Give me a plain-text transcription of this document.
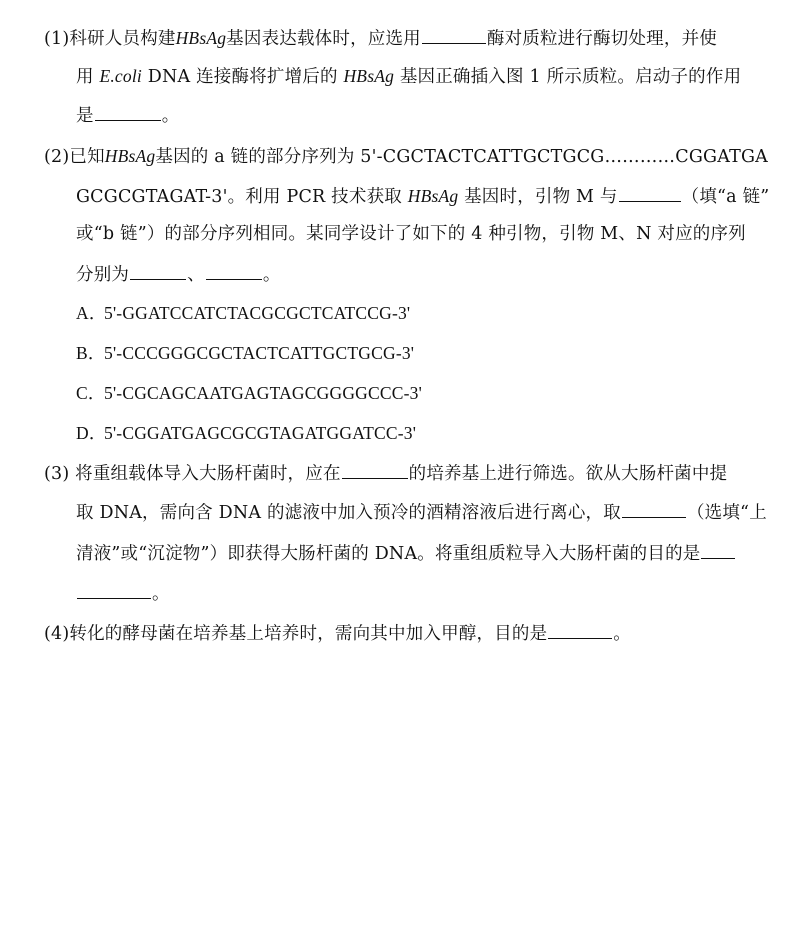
(1)科研人员构建HBsAg基因表达载体时，应选用	酶对质粒进行酶切处理，并使
用 E.coli DNA 连接酶将扩增后的 HBsAg 基因正确插入图 1 所示质粒。启动子的作用
是	。
(2)已知HBsAg基因的 a 链的部分序列为 5'-CGCTACTCATTGCTGCG…………CGGATGA
GCGCGTAGAT-3'。利用 PCR 技术获取 HBsAg 基因时，引物 M 与	（填“a 链”
或“b 链”）的部分序列相同。某同学设计了如下的 4 种引物，引物 M、N 对应的序列
分别为	、	。
A．5'-GGATCCATCTACGCGCTCATCCG-3'
B．5'-CCCGGGCGCTACTCATTGCTGCG-3'
C．5'-CGCAGCAATGAGTAGCGGGGCCC-3'
D．5'-CGGATGAGCGCGTAGATGGATCC-3'
(3) 将重组载体导入大肠杆菌时，应在	的培养基上进行筛选。欲从大肠杆菌中提
取 DNA，需向含 DNA 的滤液中加入预冷的酒精溶液后进行离心，取	（选填“上
清液”或“沉淀物”）即获得大肠杆菌的 DNA。将重组质粒导入大肠杆菌的目的是
。
(4)转化的酵母菌在培养基上培养时，需向其中加入甲醇，目的是	。
